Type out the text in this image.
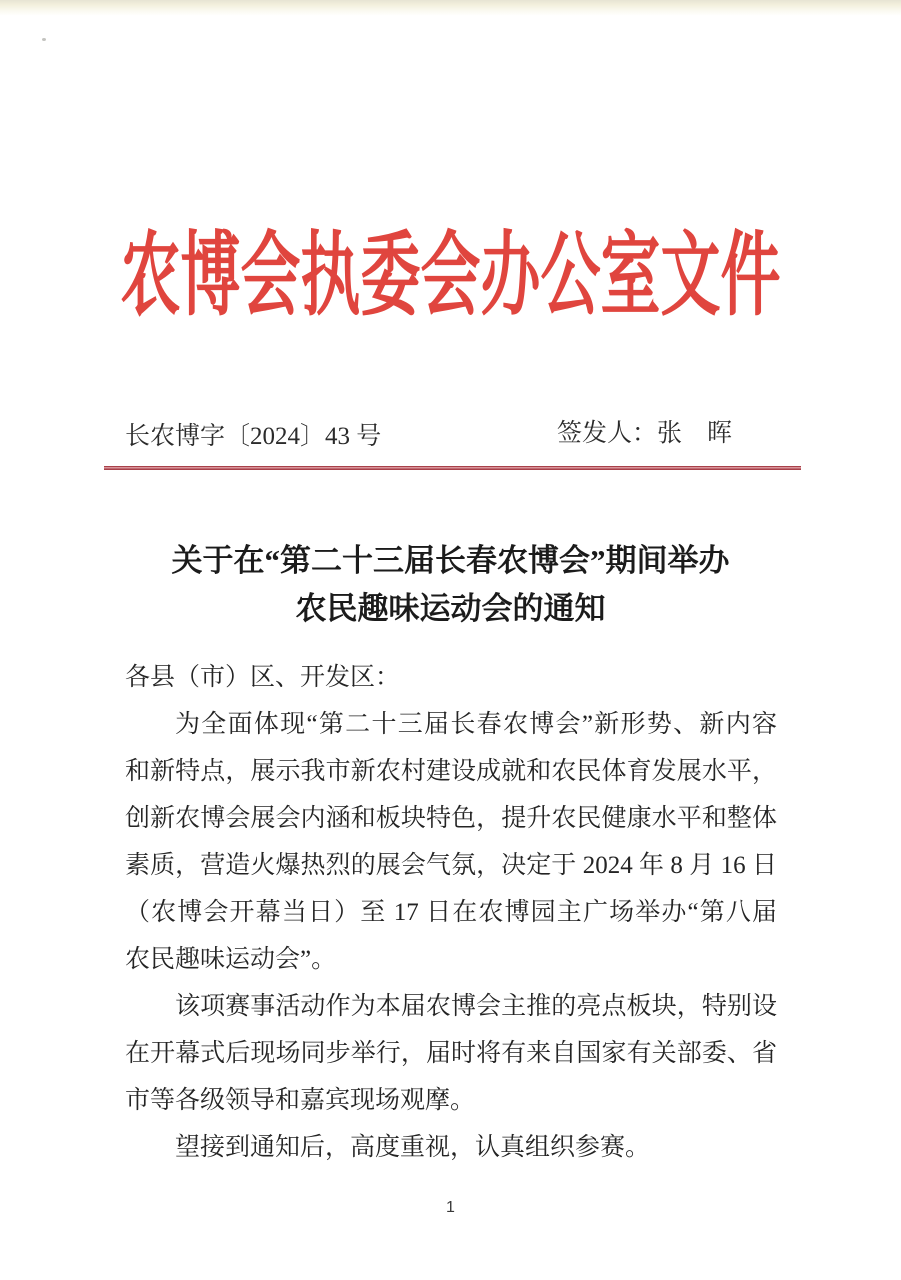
农博会执委会办公室文件
长农博字〔2024〕43 号	签发人：张　晖
关于在“第二十三届长春农博会”期间举办
农民趣味运动会的通知
各县（市）区、开发区：
为全面体现“第二十三届长春农博会”新形势、新内容
和新特点，展示我市新农村建设成就和农民体育发展水平，
创新农博会展会内涵和板块特色，提升农民健康水平和整体
素质，营造火爆热烈的展会气氛，决定于 2024 年 8 月 16 日
（农博会开幕当日）至 17 日在农博园主广场举办“第八届
农民趣味运动会”。
该项赛事活动作为本届农博会主推的亮点板块，特别设
在开幕式后现场同步举行，届时将有来自国家有关部委、省
市等各级领导和嘉宾现场观摩。
望接到通知后，高度重视，认真组织参赛。
1
